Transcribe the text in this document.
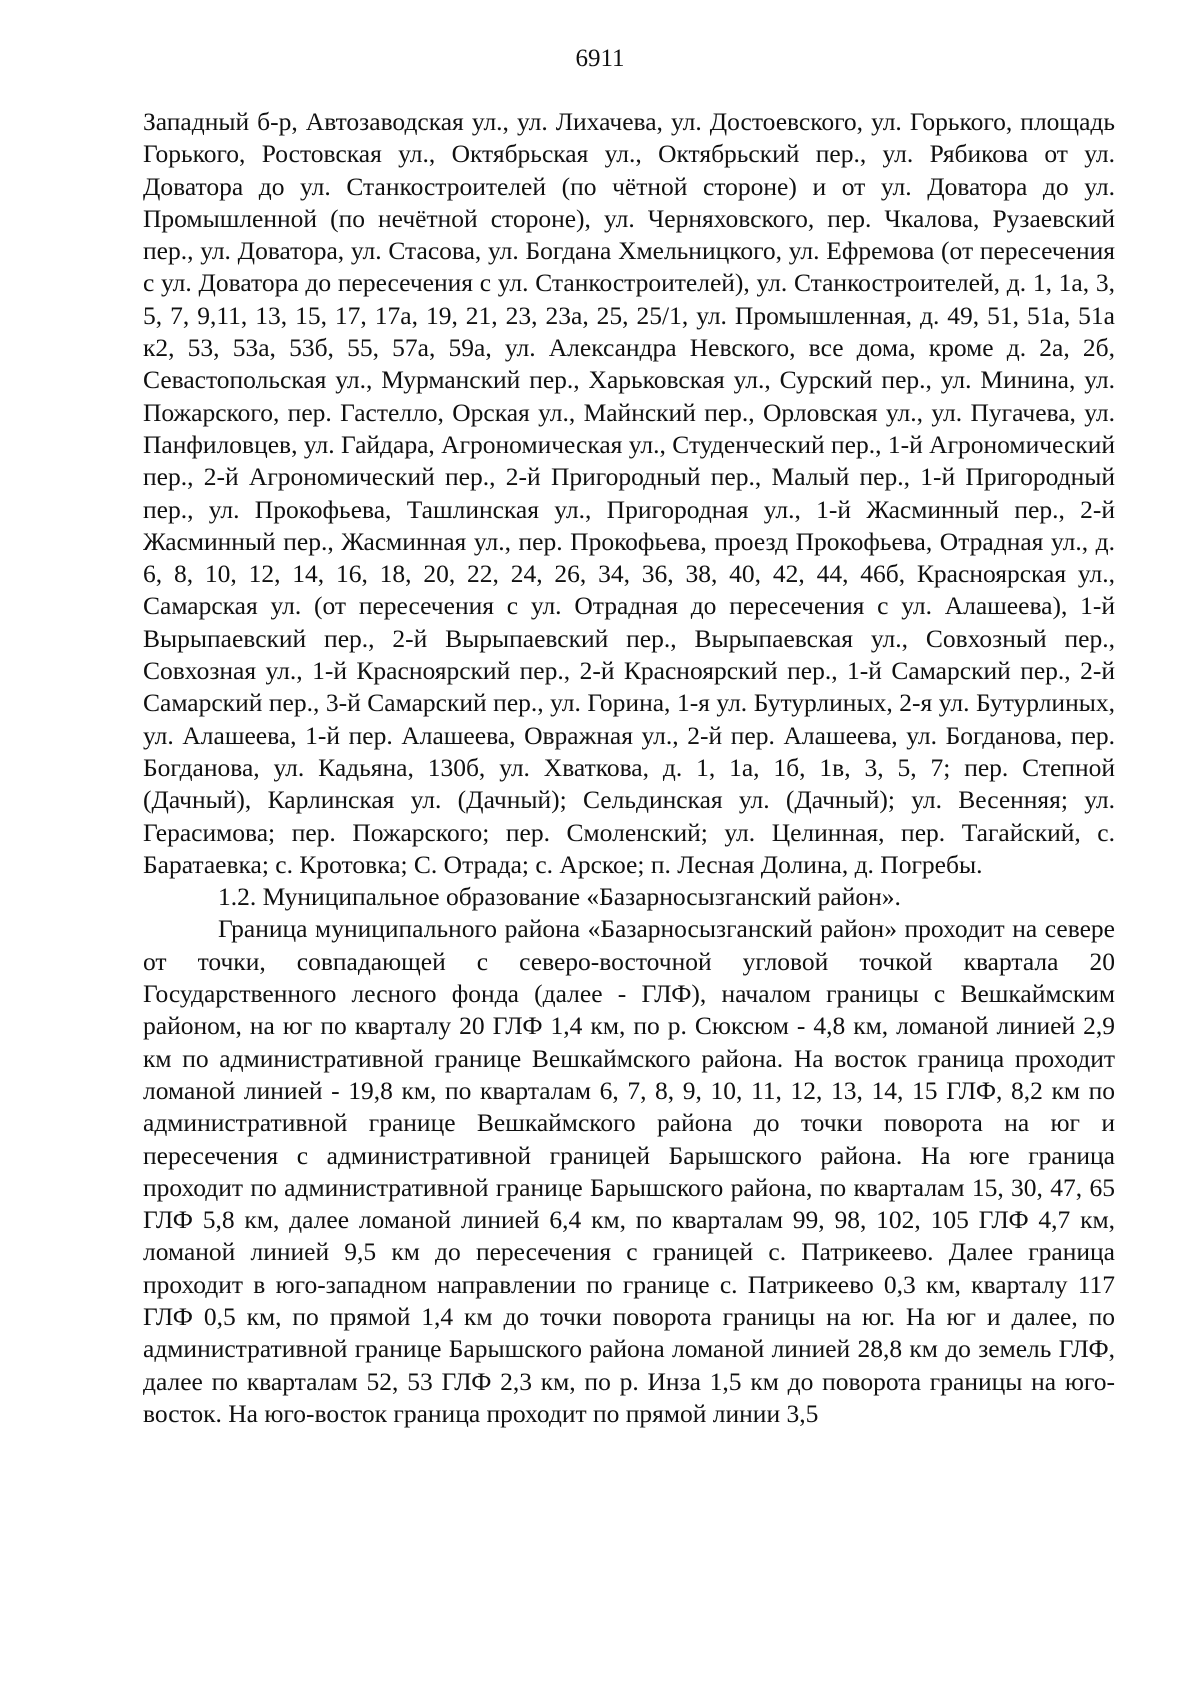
6911

Западный б-р, Автозаводская ул., ул. Лихачева, ул. Достоевского, ул. Горького, площадь Горького, Ростовская ул., Октябрьская ул., Октябрьский пер., ул. Рябикова от ул. Доватора до ул. Станкостроителей (по чётной стороне) и от ул. Доватора до ул. Промышленной (по нечётной стороне), ул. Черняховского, пер. Чкалова, Рузаевский пер., ул. Доватора, ул. Стасова, ул. Богдана Хмельницкого, ул. Ефремова (от пересечения с ул. Доватора до пересечения с ул. Станкостроителей), ул. Станкостроителей, д. 1, 1а, 3, 5, 7, 9,11, 13, 15, 17, 17а, 19, 21, 23, 23а, 25, 25/1, ул. Промышленная, д. 49, 51, 51а, 51а к2, 53, 53а, 53б, 55, 57а, 59а, ул. Александра Невского, все дома, кроме д. 2а, 2б, Севастопольская ул., Мурманский пер., Харьковская ул., Сурский пер., ул. Минина, ул. Пожарского, пер. Гастелло, Орская ул., Майнский пер., Орловская ул., ул. Пугачева, ул. Панфиловцев, ул. Гайдара, Агрономическая ул., Студенческий пер., 1-й Агрономический пер., 2-й Агрономический пер., 2-й Пригородный пер., Малый пер., 1-й Пригородный пер., ул. Прокофьева, Ташлинская ул., Пригородная ул., 1-й Жасминный пер., 2-й Жасминный пер., Жасминная ул., пер. Прокофьева, проезд Прокофьева, Отрадная ул., д. 6, 8, 10, 12, 14, 16, 18, 20, 22, 24, 26, 34, 36, 38, 40, 42, 44, 46б, Красноярская ул., Самарская ул. (от пересечения с ул. Отрадная до пересечения с ул. Алашеева), 1-й Вырыпаевский пер., 2-й Вырыпаевский пер., Вырыпаевская ул., Совхозный пер., Совхозная ул., 1-й Красноярский пер., 2-й Красноярский пер., 1-й Самарский пер., 2-й Самарский пер., 3-й Самарский пер., ул. Горина, 1-я ул. Бутурлиных, 2-я ул. Бутурлиных, ул. Алашеева, 1-й пер. Алашеева, Овражная ул., 2-й пер. Алашеева, ул. Богданова, пер. Богданова, ул. Кадьяна, 130б, ул. Хваткова, д. 1, 1а, 1б, 1в, 3, 5, 7; пер. Степной (Дачный), Карлинская ул. (Дачный); Сельдинская ул. (Дачный); ул. Весенняя; ул. Герасимова; пер. Пожарского; пер. Смоленский; ул. Целинная, пер. Тагайский, с. Баратаевка; с. Кротовка; С. Отрада; с. Арское; п. Лесная Долина, д. Погребы.

1.2. Муниципальное образование «Базарносызганский район».

Граница муниципального района «Базарносызганский район» проходит на севере от точки, совпадающей с северо-восточной угловой точкой квартала 20 Государственного лесного фонда (далее - ГЛФ), началом границы с Вешкаймским районом, на юг по кварталу 20 ГЛФ 1,4 км, по р. Сюксюм - 4,8 км, ломаной линией 2,9 км по административной границе Вешкаймского района. На восток граница проходит ломаной линией - 19,8 км, по кварталам 6, 7, 8, 9, 10, 11, 12, 13, 14, 15 ГЛФ, 8,2 км по административной границе Вешкаймского района до точки поворота на юг и пересечения с административной границей Барышского района. На юге граница проходит по административной границе Барышского района, по кварталам 15, 30, 47, 65 ГЛФ 5,8 км, далее ломаной линией 6,4 км, по кварталам 99, 98, 102, 105 ГЛФ 4,7 км, ломаной линией 9,5 км до пересечения с границей с. Патрикеево. Далее граница проходит в юго-западном направлении по границе с. Патрикеево 0,3 км, кварталу 117 ГЛФ 0,5 км, по прямой 1,4 км до точки поворота границы на юг. На юг и далее, по административной границе Барышского района ломаной линией 28,8 км до земель ГЛФ, далее по кварталам 52, 53 ГЛФ 2,3 км, по р. Инза 1,5 км до поворота границы на юго-восток. На юго-восток граница проходит по прямой линии 3,5
